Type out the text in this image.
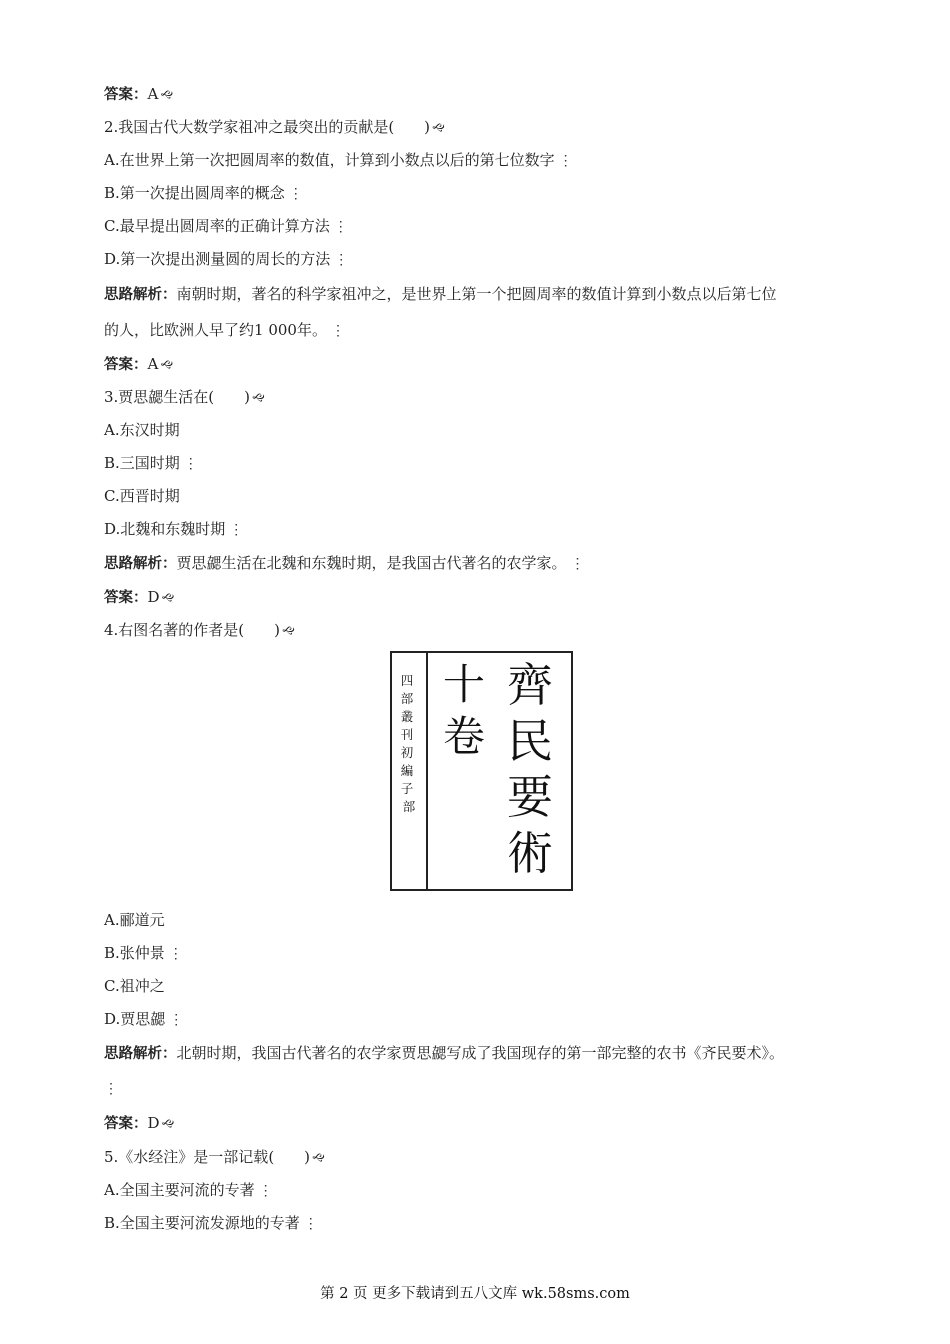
答案：A 🙙
2.我国古代大数学家祖冲之最突出的贡献是(　　) 🙙
A.在世界上第一次把圆周率的数值，计算到小数点以后的第七位数字 ⋮
B.第一次提出圆周率的概念 ⋮
C.最早提出圆周率的正确计算方法 ⋮
D.第一次提出测量圆的周长的方法 ⋮
思路解析：南朝时期，著名的科学家祖冲之，是世界上第一个把圆周率的数值计算到小数点以后第七位
的人，比欧洲人早了约1 000年。 ⋮
答案：A 🙙
3.贾思勰生活在(　　) 🙙
A.东汉时期
B.三国时期 ⋮
C.西晋时期
D.北魏和东魏时期 ⋮
思路解析：贾思勰生活在北魏和东魏时期，是我国古代著名的农学家。 ⋮
答案：D 🙙
4.右图名著的作者是(　　) 🙙
四 部 叢 刊 初 編 子 部
十
卷
齊
民
要
術
A.郦道元
B.张仲景 ⋮
C.祖冲之
D.贾思勰 ⋮
思路解析：北朝时期，我国古代著名的农学家贾思勰写成了我国现存的第一部完整的农书《齐民要术》。
⋮
答案：D 🙙
5.《水经注》是一部记载(　　) 🙙
A.全国主要河流的专著 ⋮
B.全国主要河流发源地的专著 ⋮
第 2 页 更多下载请到五八文库 wk.58sms.com
